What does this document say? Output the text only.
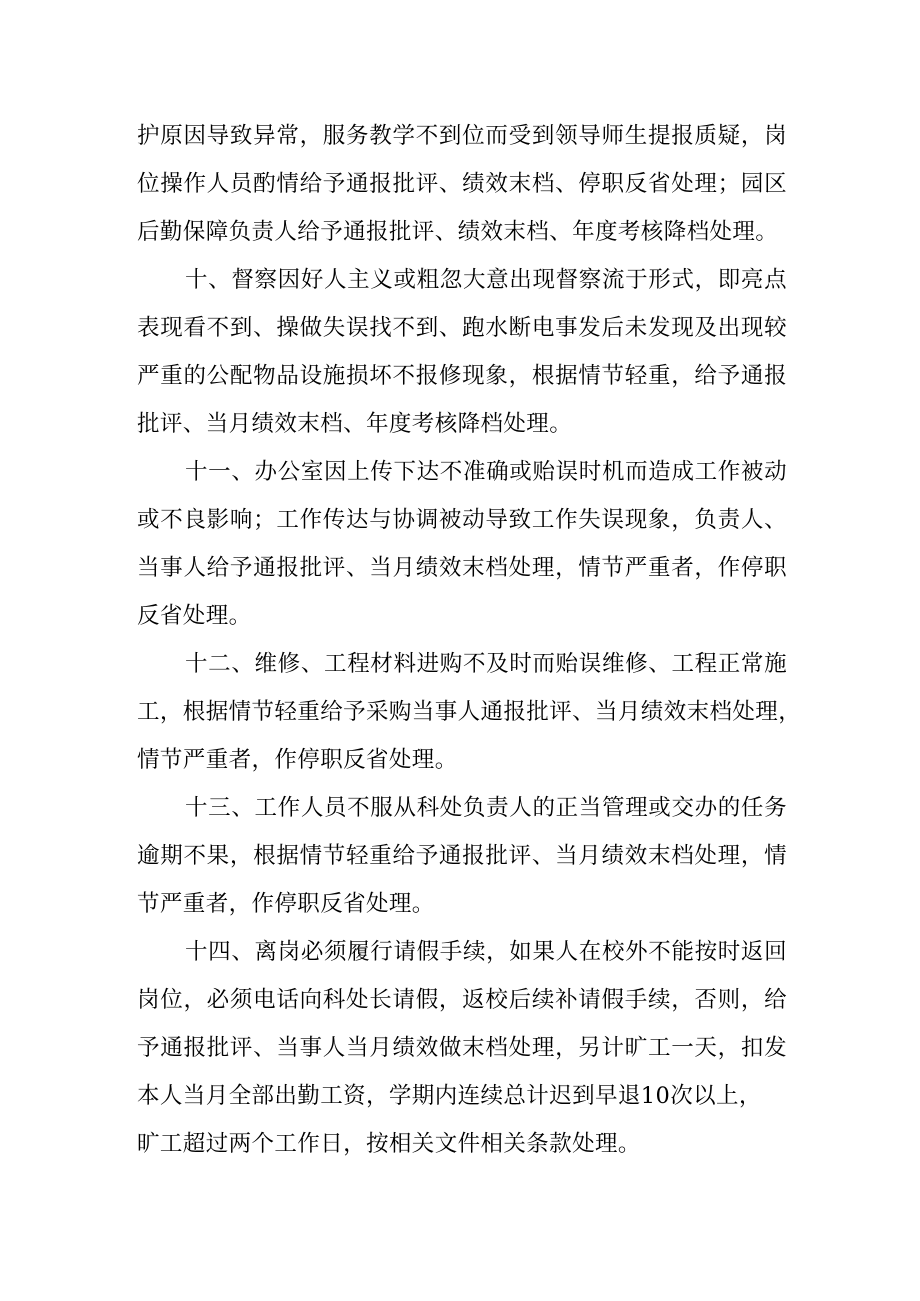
护原因导致异常，服务教学不到位而受到领导师生提报质疑，岗
位操作人员酌情给予通报批评、绩效末档、停职反省处理；园区
后勤保障负责人给予通报批评、绩效末档、年度考核降档处理。
十、督察因好人主义或粗忽大意出现督察流于形式，即亮点
表现看不到、操做失误找不到、跑水断电事发后未发现及出现较
严重的公配物品设施损坏不报修现象，根据情节轻重，给予通报
批评、当月绩效末档、年度考核降档处理。
十一、办公室因上传下达不准确或贻误时机而造成工作被动
或不良影响；工作传达与协调被动导致工作失误现象，负责人、
当事人给予通报批评、当月绩效末档处理，情节严重者，作停职
反省处理。
十二、维修、工程材料进购不及时而贻误维修、工程正常施
工，根据情节轻重给予采购当事人通报批评、当月绩效末档处理，
情节严重者，作停职反省处理。
十三、工作人员不服从科处负责人的正当管理或交办的任务
逾期不果，根据情节轻重给予通报批评、当月绩效末档处理，情
节严重者，作停职反省处理。
十四、离岗必须履行请假手续，如果人在校外不能按时返回
岗位，必须电话向科处长请假，返校后续补请假手续，否则，给
予通报批评、当事人当月绩效做末档处理，另计旷工一天，扣发
本人当月全部出勤工资，学期内连续总计迟到早退10次以上，
旷工超过两个工作日，按相关文件相关条款处理。
